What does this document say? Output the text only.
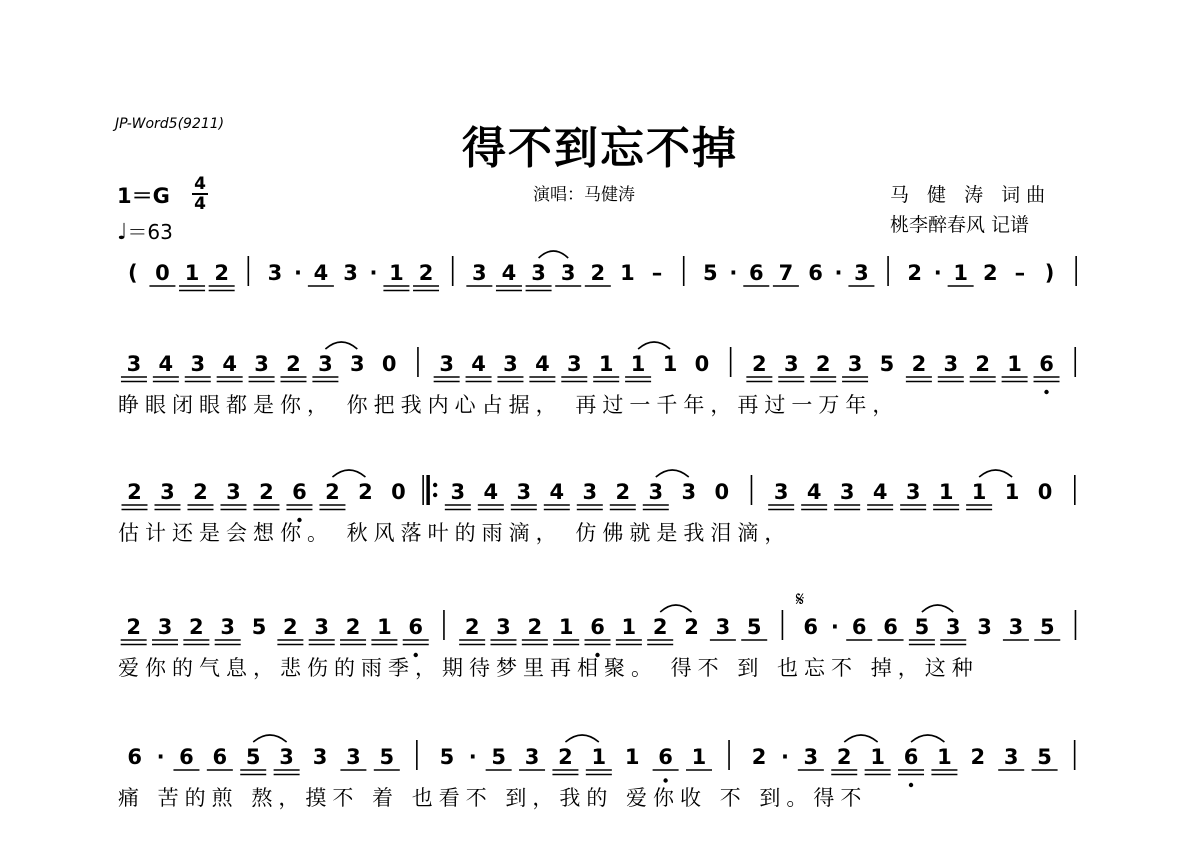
JP-Word5(9211)	得不到忘不掉
演唱：马健涛	马 健 涛 词曲
桃李醉春风 记谱
1＝G 4
4
♩＝63
( 0 1 2 3 · 4 3 · 1 2 3 4 3 3 2 1 – 5 · 6 7 6 · 3 2 · 1 2 – )
3 4 3 4 3 2 3 3 0 3 4 3 4 3 1 1 1 0 2 3 2 3 5 2 3 2 1 6
睁眼闭眼都是你， 你把我内心占据， 再过一千年，再过一万年，
2 3 2 3 2 6 2 2 0 3 4 3 4 3 2 3 3 0 3 4 3 4 3 1 1 1 0
估计还是会想你。 秋风落叶的雨滴， 仿佛就是我泪滴，
2 3 2 3 5 2 3 2 1 6 2 3 2 1 6 1 2 2 3 5 6 · 6 6 5 3 3 3 5
𝄋
爱你的气息，悲伤的雨季，期待梦里再相聚。 得不 到 也忘不 掉，这种
6 · 6 6 5 3 3 3 5 5 · 5 3 2 1 1 6 1 2 · 3 2 1 6 1 2 3 5
痛 苦的煎 熬，摸不 着 也看不 到，我的 爱你收 不 到。得不
